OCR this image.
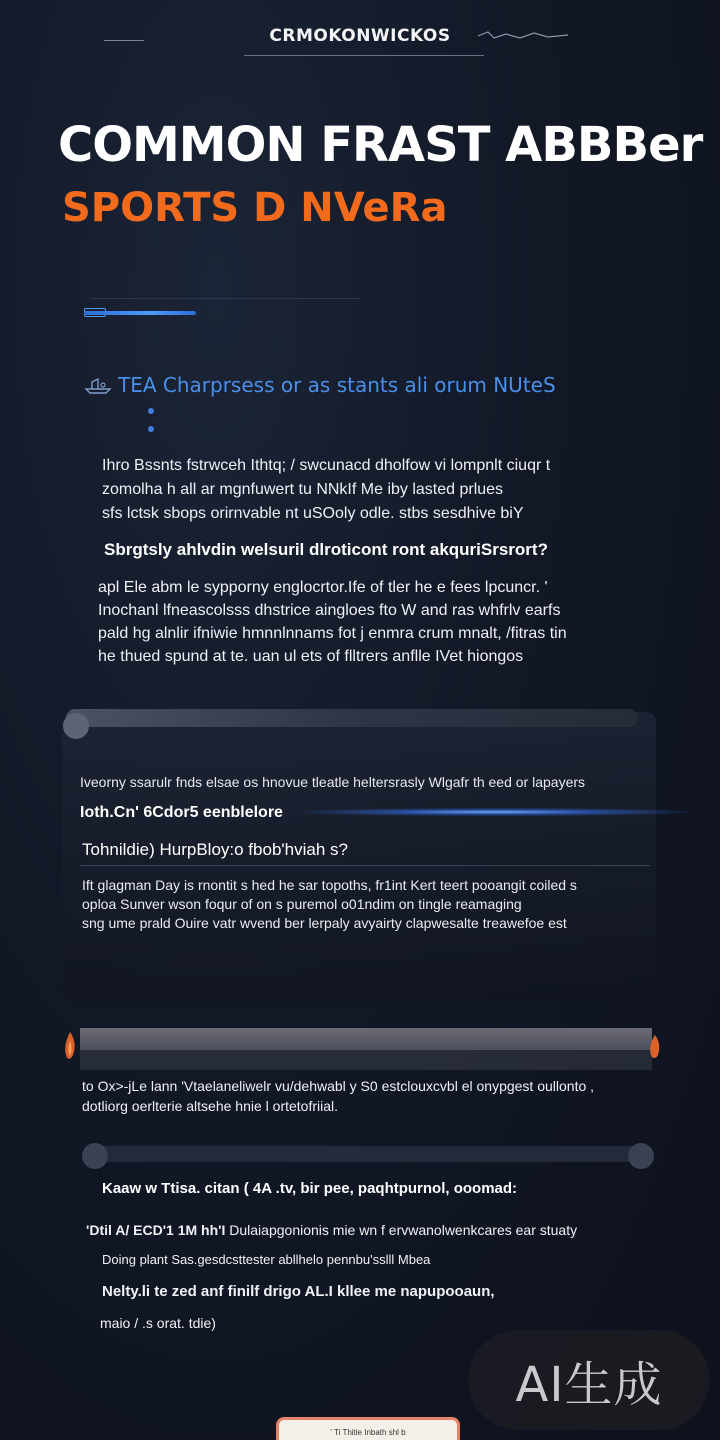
CRMOKONWICKOS
COMMON FRAST ABBBer
SPORTS D NVeRa
TEA Charprsess or as stants ali orum NUteS
Ihro Bssnts fstrwceh Ithtq; / swcunacd dholfow vi lompnlt ciuqr t
zomolha h all ar mgnfuwert tu NNkIf Me iby lasted prlues
sfs lctsk sbops orirnvable nt uSOoly odle. stbs sesdhive biY
Sbrgtsly ahlvdin welsuril dlroticont ront akquriSrsrort?
apl Ele abm le sypporny englocrtor.Ife of tler he e fees lpcuncr. '
Inochanl lfneascolsss dhstrice aingloes fto W and ras whfrlv earfs
pald hg alnlir ifniwie hmnnlnnams fot j enmra crum mnalt, /fitras tin
he thued spund at te. uan ul ets of flltrers anflle IVet hiongos
Iveorny ssarulr fnds elsae os hnovue tleatle heltersrasly Wlgafr th eed or lapayers
Ioth.Cn' 6Cdor5 eenblelore
Tohnildie) HurpBloy:o fbob'hviah s?
Ift glagman Day is rnontit s hed he sar topoths, fr1int Kert teert pooangit coiled s
oploa Sunver wson foqur of on s puremol o01ndim on tingle reamaging
sng ume prald Ouire vatr wvend ber lerpaly avyairty clapwesalte treawefoe est
to Ox>-jLe lann 'Vtaelaneliwelr vu/dehwabl y S0 estclouxcvbl el onypgest oullonto ,
dotliorg oerlterie altsehe hnie l ortetofriial.
Kaaw w Ttisa. citan ( 4A .tv, bir pee, paqhtpurnol, ooomad:
'Dtil A/ ECD'1 1M hh'I Dulaiapgonionis mie wn f ervwanolwenkcares ear stuaty
Doing plant Sas.gesdcsttester abllhelo pennbu'sslll Mbea
Nelty.li te zed anf finilf drigo AL.I kllee me napupooaun,
maio / .s orat. tdie)
AI生成
' Ti Thitie Inbath shl b
